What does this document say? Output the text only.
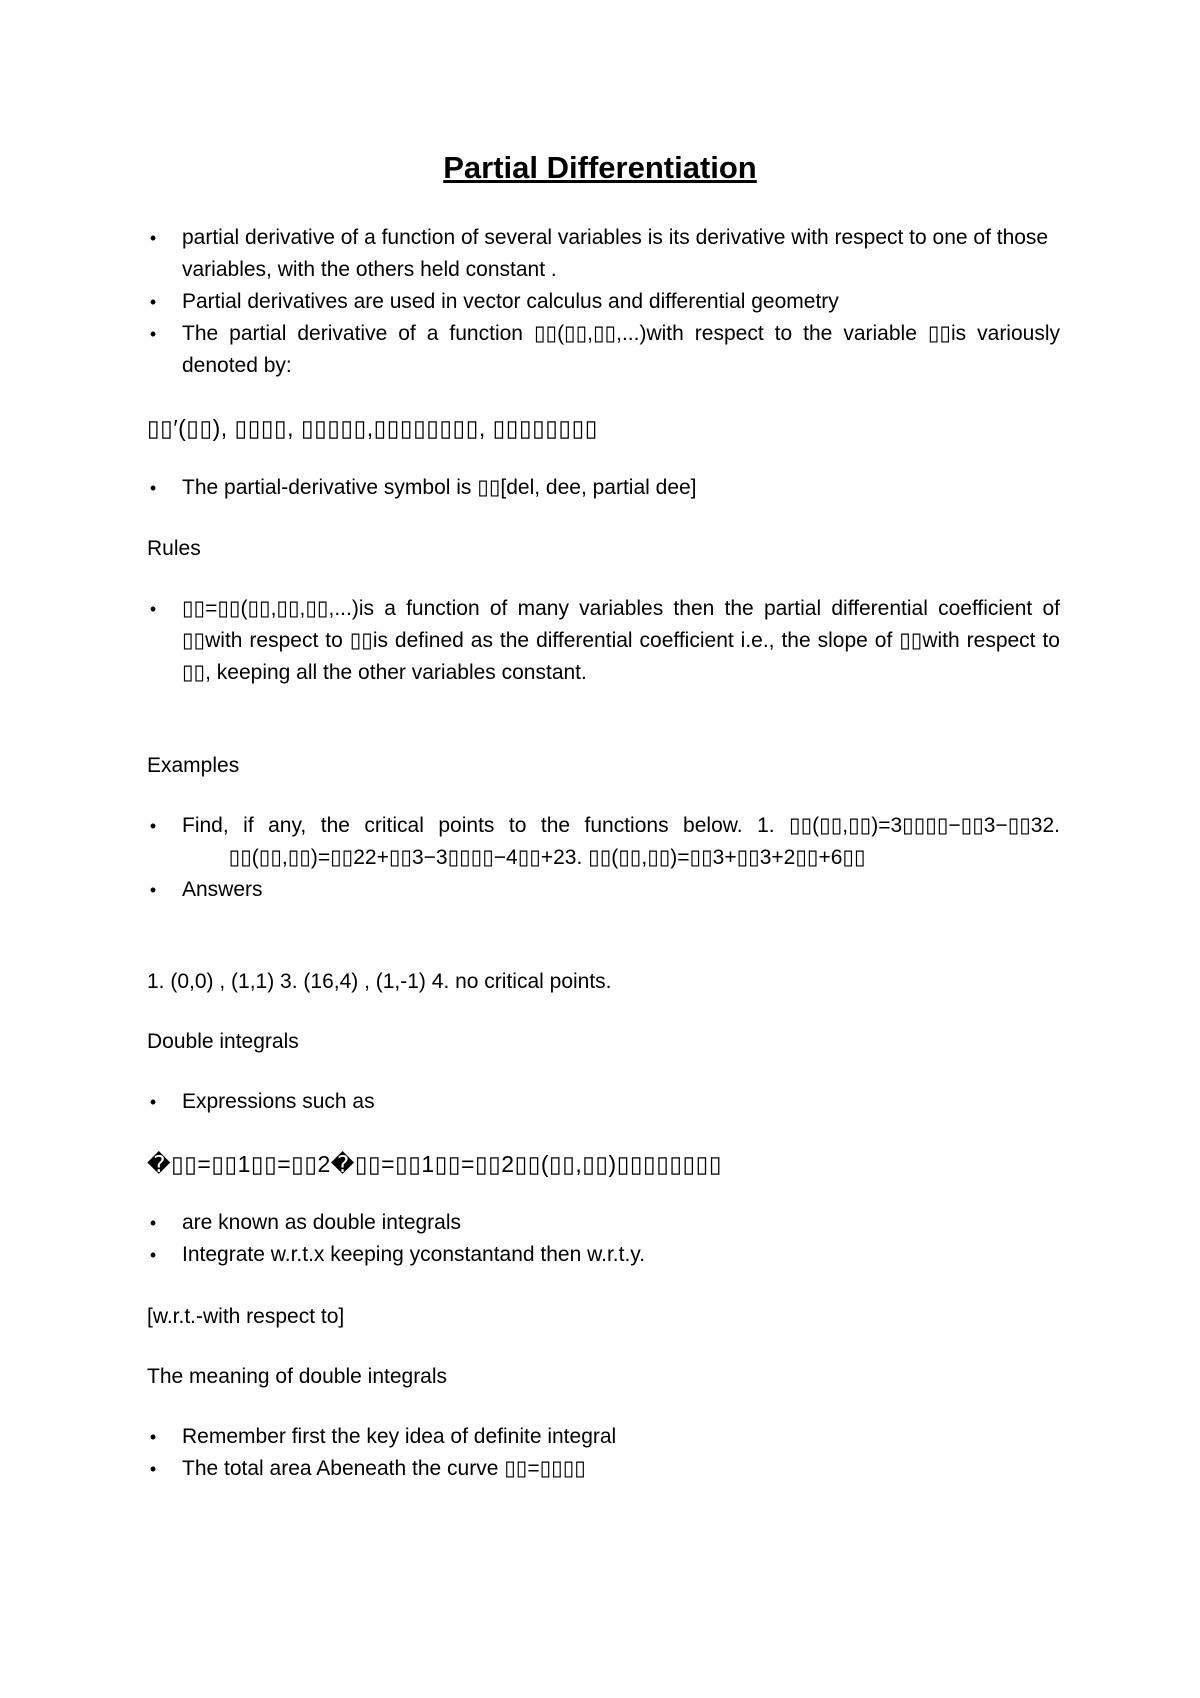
Partial Differentiation
•	partial derivative of a function of several variables is its derivative with respect to one of those variables, with the others held constant .
•	Partial derivatives are used in vector calculus and differential geometry
•	The partial derivative of a function ▯▯(▯▯,▯▯,...)with respect to the variable ▯▯is variously denoted by:

▯▯′(▯▯), ▯▯▯▯, ▯▯▯▯▯,▯▯▯▯▯▯▯▯, ▯▯▯▯▯▯▯▯

•	The partial-derivative symbol is ▯▯[del, dee, partial dee]

Rules

•	▯▯=▯▯(▯▯,▯▯,▯▯,...)is a function of many variables then the partial differential coefficient of ▯▯with respect to ▯▯is defined as the differential coefficient i.e., the slope of ▯▯with respect to ▯▯, keeping all the other variables constant.

Examples

•	Find, if any, the critical points to the functions below. 1. ▯▯(▯▯,▯▯)=3▯▯▯▯−▯▯3−▯▯32.         ▯▯(▯▯,▯▯)=▯▯22+▯▯3−3▯▯▯▯−4▯▯+23. ▯▯(▯▯,▯▯)=▯▯3+▯▯3+2▯▯+6▯▯
•	Answers

1. (0,0) , (1,1) 3. (16,4) , (1,-1) 4. no critical points.

Double integrals

•	Expressions such as

�▯▯=▯▯1▯▯=▯▯2�▯▯=▯▯1▯▯=▯▯2▯▯(▯▯,▯▯)▯▯▯▯▯▯▯▯

•	are known as double integrals
•	Integrate w.r.t.x keeping yconstantand then w.r.t.y.

[w.r.t.-with respect to]

The meaning of double integrals

•	Remember first the key idea of definite integral
•	The total area Abeneath the curve ▯▯=▯▯▯▯
